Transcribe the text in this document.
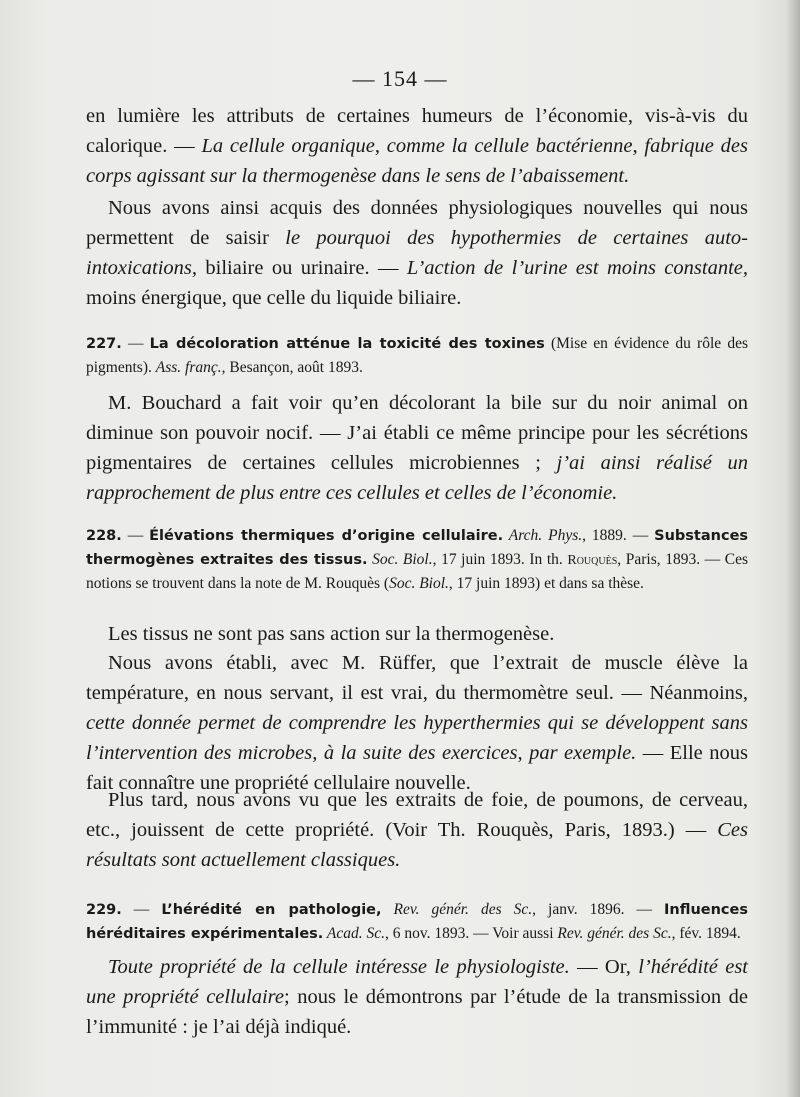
— 154 —

en lumière les attributs de certaines humeurs de l’économie, vis-à-vis du calorique. — La cellule organique, comme la cellule bactérienne, fabrique des corps agissant sur la thermogenèse dans le sens de l’abaissement.

Nous avons ainsi acquis des données physiologiques nouvelles qui nous permettent de saisir le pourquoi des hypothermies de certaines auto-intoxications, biliaire ou urinaire. — L’action de l’urine est moins constante, moins énergique, que celle du liquide biliaire.

227. — La décoloration atténue la toxicité des toxines (Mise en évidence du rôle des pigments). Ass. franç., Besançon, août 1893.

M. Bouchard a fait voir qu’en décolorant la bile sur du noir animal on diminue son pouvoir nocif. — J’ai établi ce même principe pour les sécrétions pigmentaires de certaines cellules microbiennes ; j’ai ainsi réalisé un rapprochement de plus entre ces cellules et celles de l’économie.

228. — Élévations thermiques d’origine cellulaire. Arch. Phys., 1889. — Substances thermogènes extraites des tissus. Soc. Biol., 17 juin 1893. In th. Rouquès, Paris, 1893. — Ces notions se trouvent dans la note de M. Rouquès (Soc. Biol., 17 juin 1893) et dans sa thèse.

Les tissus ne sont pas sans action sur la thermogenèse.

Nous avons établi, avec M. Rüffer, que l’extrait de muscle élève la température, en nous servant, il est vrai, du thermomètre seul. — Néanmoins, cette donnée permet de comprendre les hyperthermies qui se développent sans l’intervention des microbes, à la suite des exercices, par exemple. — Elle nous fait connaître une propriété cellulaire nouvelle.

Plus tard, nous avons vu que les extraits de foie, de poumons, de cerveau, etc., jouissent de cette propriété. (Voir Th. Rouquès, Paris, 1893.) — Ces résultats sont actuellement classiques.

229. — L’hérédité en pathologie, Rev. génér. des Sc., janv. 1896. — Influences héréditaires expérimentales. Acad. Sc., 6 nov. 1893. — Voir aussi Rev. génér. des Sc., fév. 1894.

Toute propriété de la cellule intéresse le physiologiste. — Or, l’hérédité est une propriété cellulaire; nous le démontrons par l’étude de la transmission de l’immunité : je l’ai déjà indiqué.
